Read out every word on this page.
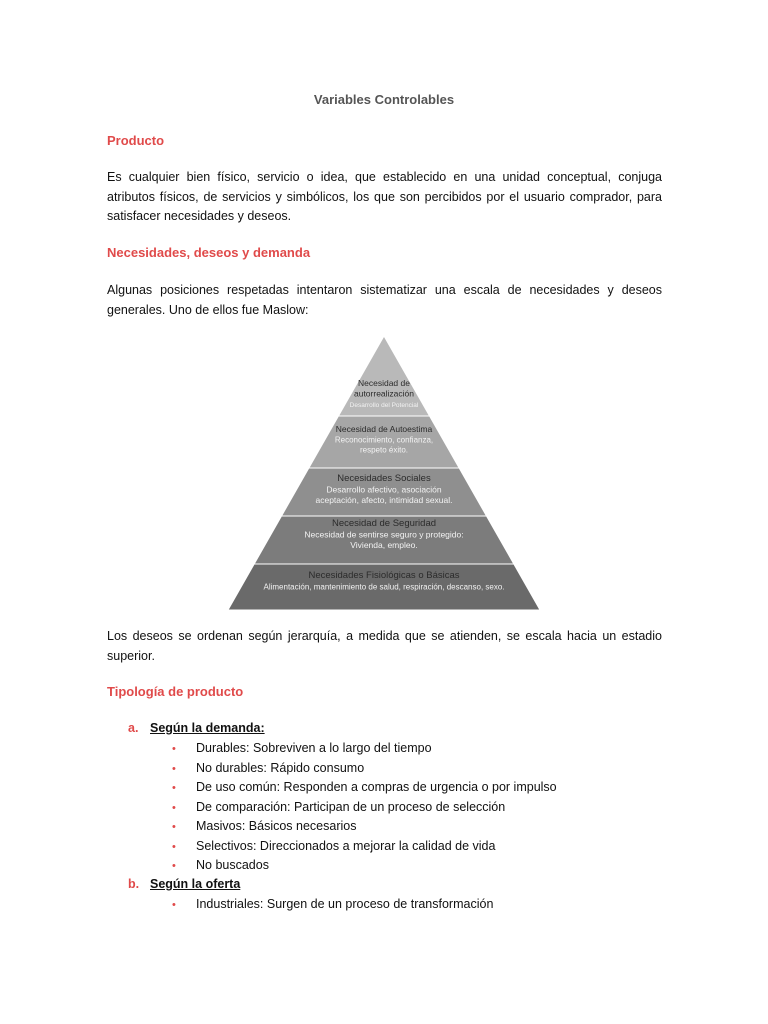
Variables Controlables
Producto
Es cualquier bien físico, servicio o idea, que establecido en una unidad conceptual, conjuga atributos físicos, de servicios y simbólicos, los que son percibidos por el usuario comprador, para satisfacer necesidades y deseos.
Necesidades, deseos y demanda
Algunas posiciones respetadas intentaron sistematizar una escala de necesidades y deseos generales. Uno de ellos fue Maslow:
Necesidad de
autorrealización
Desarrollo del Potencial
Necesidad de Autoestima
Reconocimiento, confianza,
respeto éxito.
Necesidades Sociales
Desarrollo afectivo, asociación
aceptación, afecto, intimidad sexual.
Necesidad de Seguridad
Necesidad de sentirse seguro y protegido:
Vivienda, empleo.
Necesidades Fisiológicas o Básicas
Alimentación, mantenimiento de salud, respiración, descanso, sexo.
Los deseos se ordenan según jerarquía, a medida que se atienden, se escala hacia un estadio superior.
Tipología de producto
a. Según la demanda:
• Durables: Sobreviven a lo largo del tiempo
• No durables: Rápido consumo
• De uso común: Responden a compras de urgencia o por impulso
• De comparación: Participan de un proceso de selección
• Masivos: Básicos necesarios
• Selectivos: Direccionados a mejorar la calidad de vida
• No buscados
b. Según la oferta
• Industriales: Surgen de un proceso de transformación
